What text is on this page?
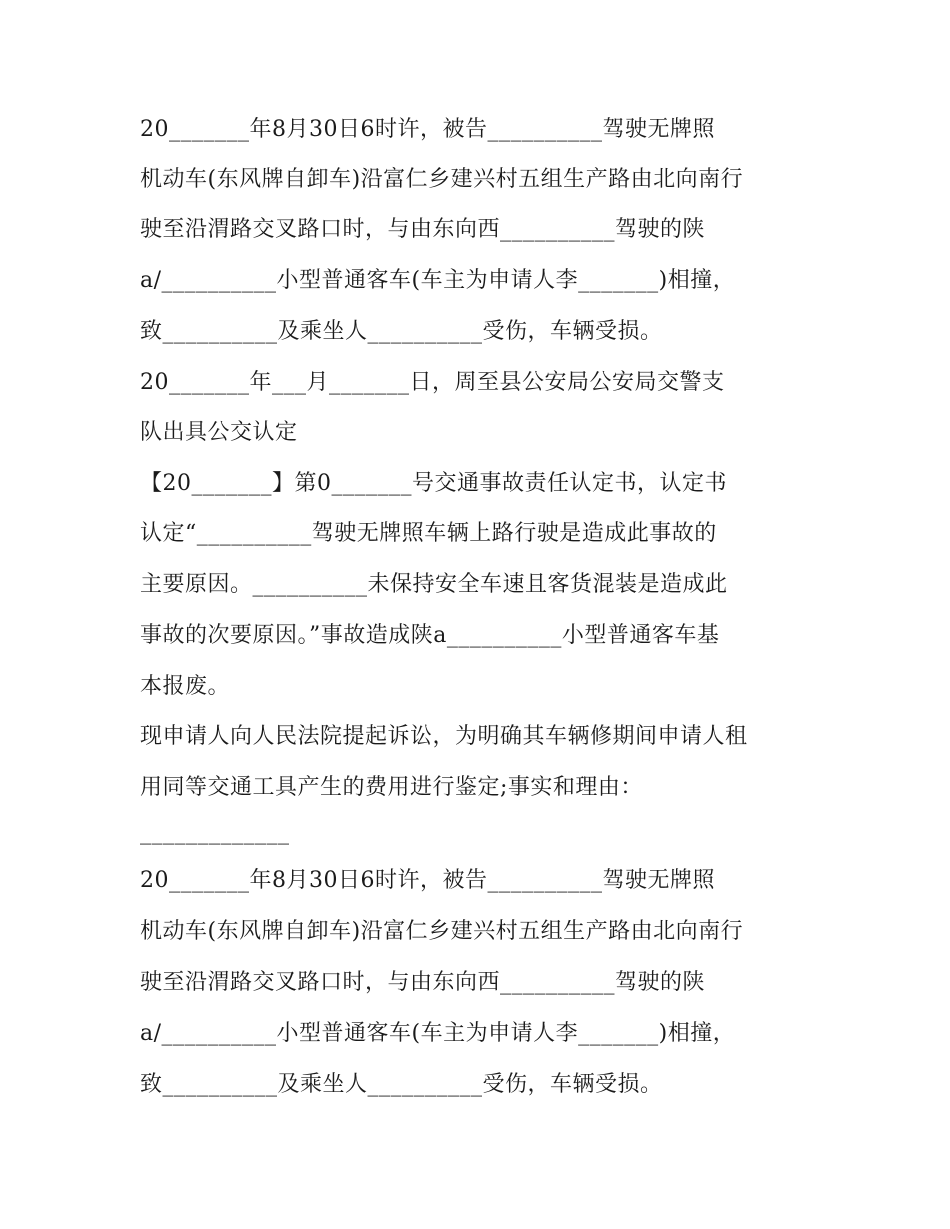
20_______年8月30日6时许，被告__________驾驶无牌照
机动车(东风牌自卸车)沿富仁乡建兴村五组生产路由北向南行
驶至沿渭路交叉路口时，与由东向西__________驾驶的陕
a/__________小型普通客车(车主为申请人李_______)相撞，
致__________及乘坐人__________受伤，车辆受损。
20_______年___月_______日，周至县公安局公安局交警支
队出具公交认定
【20_______】第0_______号交通事故责任认定书，认定书
认定“__________驾驶无牌照车辆上路行驶是造成此事故的
主要原因。__________未保持安全车速且客货混装是造成此
事故的次要原因。”事故造成陕a__________小型普通客车基
本报废。
现申请人向人民法院提起诉讼，为明确其车辆修期间申请人租
用同等交通工具产生的费用进行鉴定;事实和理由：
_____________
20_______年8月30日6时许，被告__________驾驶无牌照
机动车(东风牌自卸车)沿富仁乡建兴村五组生产路由北向南行
驶至沿渭路交叉路口时，与由东向西__________驾驶的陕
a/__________小型普通客车(车主为申请人李_______)相撞，
致__________及乘坐人__________受伤，车辆受损。
